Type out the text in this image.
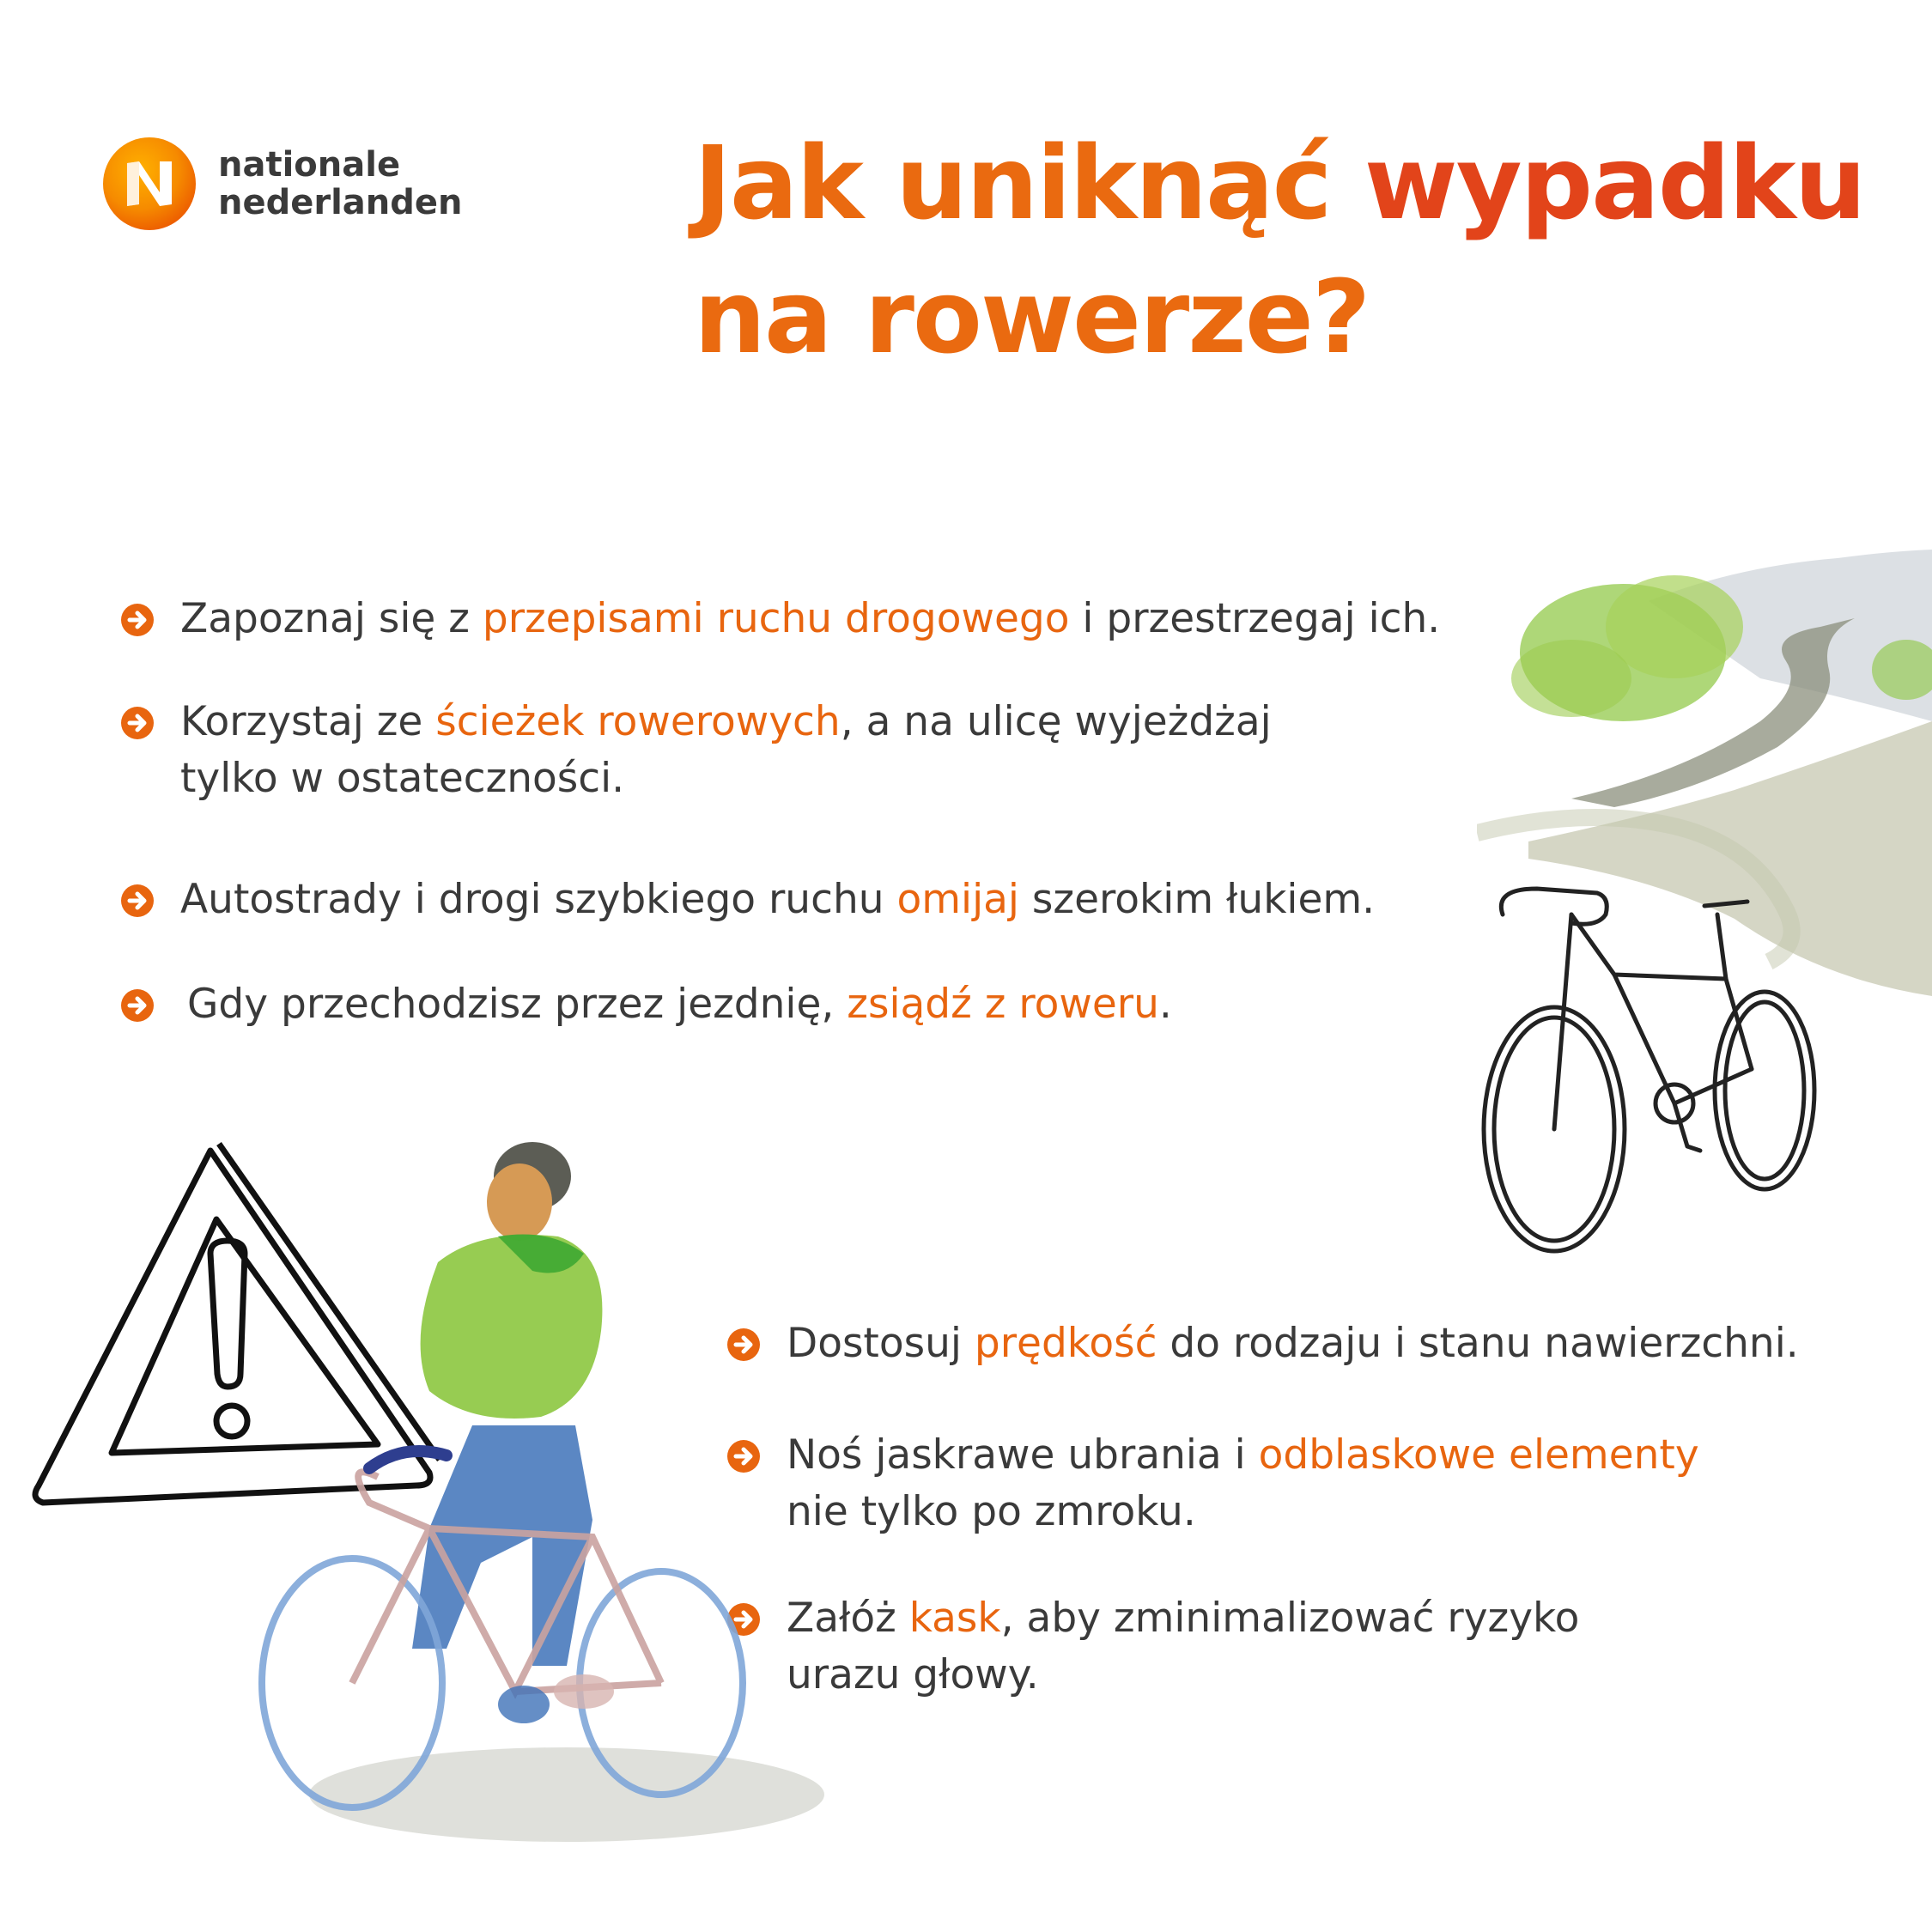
nationale
nederlanden Jak uniknąć wypadku
na rowerze?
Zapoznaj się z przepisami ruchu drogowego i przestrzegaj ich.
Korzystaj ze ścieżek rowerowych, a na ulicę wyjeżdżaj
tylko w ostateczności.
Autostrady i drogi szybkiego ruchu omijaj szerokim łukiem.
Gdy przechodzisz przez jezdnię, zsiądź z roweru.
Dostosuj prędkość do rodzaju i stanu nawierzchni.
Noś jaskrawe ubrania i odblaskowe elementy
nie tylko po zmroku.
Załóż kask, aby zminimalizować ryzyko
urazu głowy.
